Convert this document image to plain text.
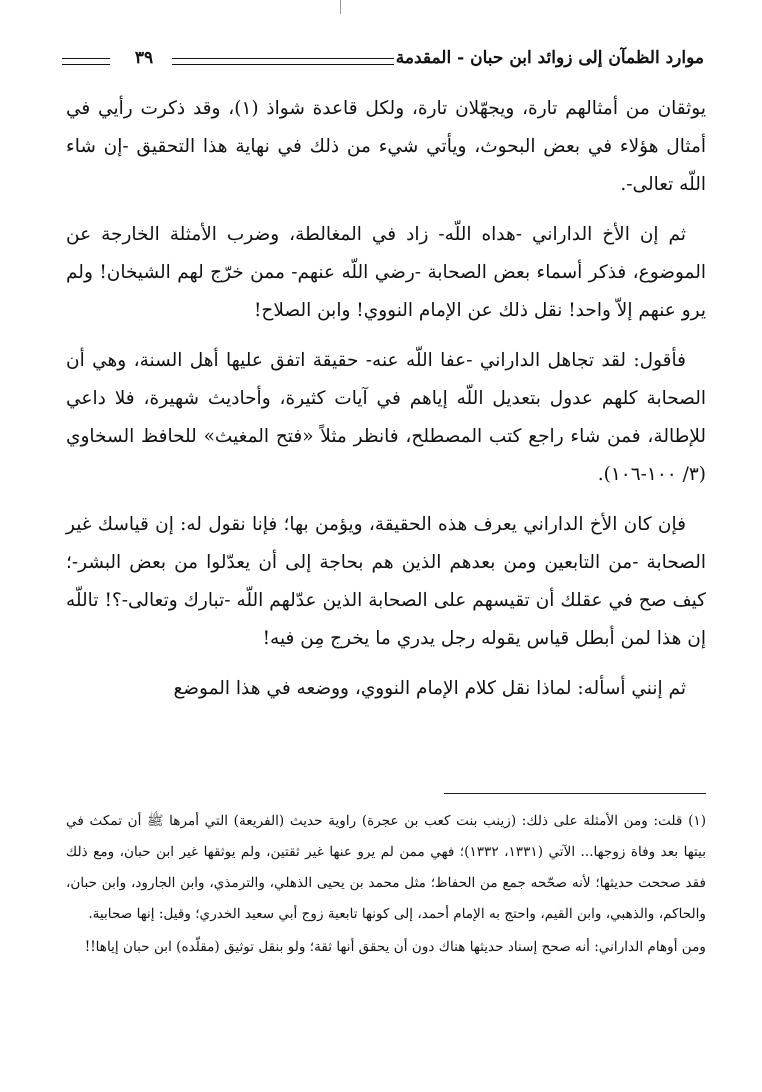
٣٩	موارد الظمآن إلى زوائد ابن حبان - المقدمة

يوثقان من أمثالهم تارة، ويجهّلان تارة، ولكل قاعدة شواذ (١)، وقد ذكرت رأيي في أمثال هؤلاء في بعض البحوث، ويأتي شيء من ذلك في نهاية هذا التحقيق -إن شاء اللّه تعالى-.

ثم إن الأخ الداراني -هداه اللّه- زاد في المغالطة، وضرب الأمثلة الخارجة عن الموضوع، فذكر أسماء بعض الصحابة -رضي اللّه عنهم- ممن خرّج لهم الشيخان! ولم يرو عنهم إلاّ واحد! نقل ذلك عن الإمام النووي! وابن الصلاح!

فأقول: لقد تجاهل الداراني -عفا اللّه عنه- حقيقة اتفق عليها أهل السنة، وهي أن الصحابة كلهم عدول بتعديل اللّه إياهم في آيات كثيرة، وأحاديث شهيرة، فلا داعي للإطالة، فمن شاء راجع كتب المصطلح، فانظر مثلاً «فتح المغيث» للحافظ السخاوي (٣/ ١٠٠-١٠٦).

فإن كان الأخ الداراني يعرف هذه الحقيقة، ويؤمن بها؛ فإنا نقول له: إن قياسك غير الصحابة -من التابعين ومن بعدهم الذين هم بحاجة إلى أن يعدّلوا من بعض البشر-؛ كيف صح في عقلك أن تقيسهم على الصحابة الذين عدّلهم اللّه -تبارك وتعالى-؟! تاللّه إن هذا لمن أبطل قياس يقوله رجل يدري ما يخرج مِن فيه!

ثم إنني أسأله: لماذا نقل كلام الإمام النووي، ووضعه في هذا الموضع

(١) قلت: ومن الأمثلة على ذلك: (زينب بنت كعب بن عجرة) راوية حديث (الفريعة) التي أمرها ﷺ أن تمكث في بيتها بعد وفاة زوجها... الآتي (١٣٣١، ١٣٣٢)؛ فهي ممن لم يرو عنها غير ثقتين، ولم يوثقها غير ابن حبان، ومع ذلك فقد صححت حديثها؛ لأنه صحّحه جمع من الحفاظ؛ مثل محمد بن يحيى الذهلي، والترمذي، وابن الجارود، وابن حبان، والحاكم، والذهبي، وابن القيم، واحتج به الإمام أحمد، إلى كونها تابعية زوج أبي سعيد الخدري؛ وقيل: إنها صحابية.

ومن أوهام الداراني: أنه صحح إسناد حديثها هناك دون أن يحقق أنها ثقة؛ ولو بنقل توثيق (مقلّده) ابن حبان إياها!!
